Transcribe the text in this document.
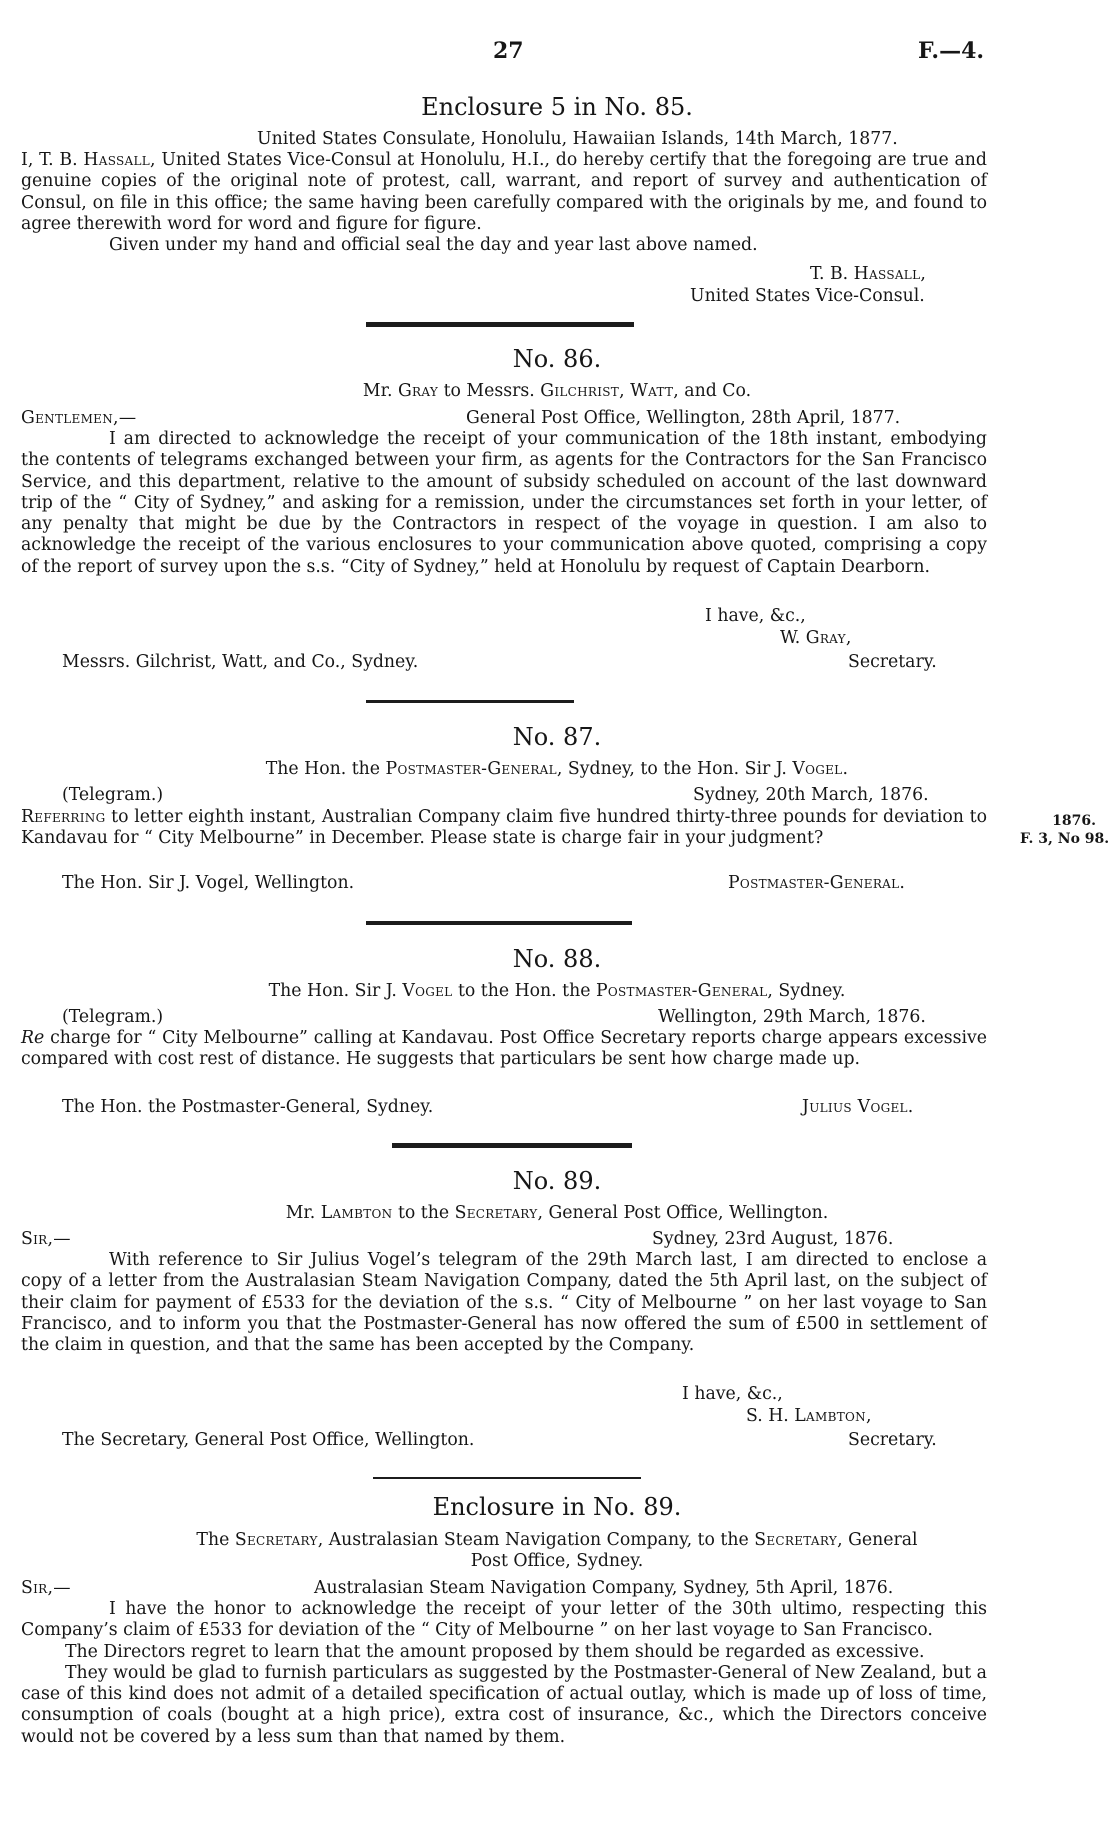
27	F.—4.
Enclosure 5 in No. 85.
United States Consulate, Honolulu, Hawaiian Islands, 14th March, 1877.

I, T. B. Hassall, United States Vice-Consul at Honolulu, H.I., do hereby certify that the foregoing are true and genuine copies of the original note of protest, call, warrant, and report of survey and authentication of Consul, on file in this office; the same having been carefully compared with the originals by me, and found to agree therewith word for word and figure for figure.

Given under my hand and official seal the day and year last above named.

T. B. Hassall,
United States Vice-Consul.
No. 86.
Mr. Gray to Messrs. Gilchrist, Watt, and Co.
Gentlemen,—	General Post Office, Wellington, 28th April, 1877.

I am directed to acknowledge the receipt of your communication of the 18th instant, embodying the contents of telegrams exchanged between your firm, as agents for the Contractors for the San Francisco Service, and this department, relative to the amount of subsidy scheduled on account of the last downward trip of the “ City of Sydney,” and asking for a remission, under the circumstances set forth in your letter, of any penalty that might be due by the Contractors in respect of the voyage in question. I am also to acknowledge the receipt of the various enclosures to your communication above quoted, comprising a copy of the report of survey upon the s.s. “City of Sydney,” held at Honolulu by request of Captain Dearborn.

I have, &c.,
W. Gray,
Messrs. Gilchrist, Watt, and Co., Sydney.	Secretary.
No. 87.
The Hon. the Postmaster-General, Sydney, to the Hon. Sir J. Vogel.
(Telegram.)	Sydney, 20th March, 1876.

Referring to letter eighth instant, Australian Company claim five hundred thirty-three pounds for deviation to Kandavau for “ City Melbourne” in December. Please state is charge fair in your judgment?

1876.
F. 3, No 98.
The Hon. Sir J. Vogel, Wellington.	Postmaster-General.
No. 88.
The Hon. Sir J. Vogel to the Hon. the Postmaster-General, Sydney.
(Telegram.)	Wellington, 29th March, 1876.

Re charge for “ City Melbourne” calling at Kandavau. Post Office Secretary reports charge appears excessive compared with cost rest of distance. He suggests that particulars be sent how charge made up.

The Hon. the Postmaster-General, Sydney.	Julius Vogel.
No. 89.
Mr. Lambton to the Secretary, General Post Office, Wellington.
Sir,—	Sydney, 23rd August, 1876.

With reference to Sir Julius Vogel’s telegram of the 29th March last, I am directed to enclose a copy of a letter from the Australasian Steam Navigation Company, dated the 5th April last, on the subject of their claim for payment of £533 for the deviation of the s.s. “ City of Melbourne ” on her last voyage to San Francisco, and to inform you that the Postmaster-General has now offered the sum of £500 in settlement of the claim in question, and that the same has been accepted by the Company.

I have, &c.,
S. H. Lambton,
The Secretary, General Post Office, Wellington.	Secretary.
Enclosure in No. 89.
The Secretary, Australasian Steam Navigation Company, to the Secretary, General
Post Office, Sydney.
Sir,—	Australasian Steam Navigation Company, Sydney, 5th April, 1876.

I have the honor to acknowledge the receipt of your letter of the 30th ultimo, respecting this Company’s claim of £533 for deviation of the “ City of Melbourne ” on her last voyage to San Francisco.

The Directors regret to learn that the amount proposed by them should be regarded as excessive.

They would be glad to furnish particulars as suggested by the Postmaster-General of New Zealand, but a case of this kind does not admit of a detailed specification of actual outlay, which is made up of loss of time, consumption of coals (bought at a high price), extra cost of insurance, &c., which the Directors conceive would not be covered by a less sum than that named by them.
